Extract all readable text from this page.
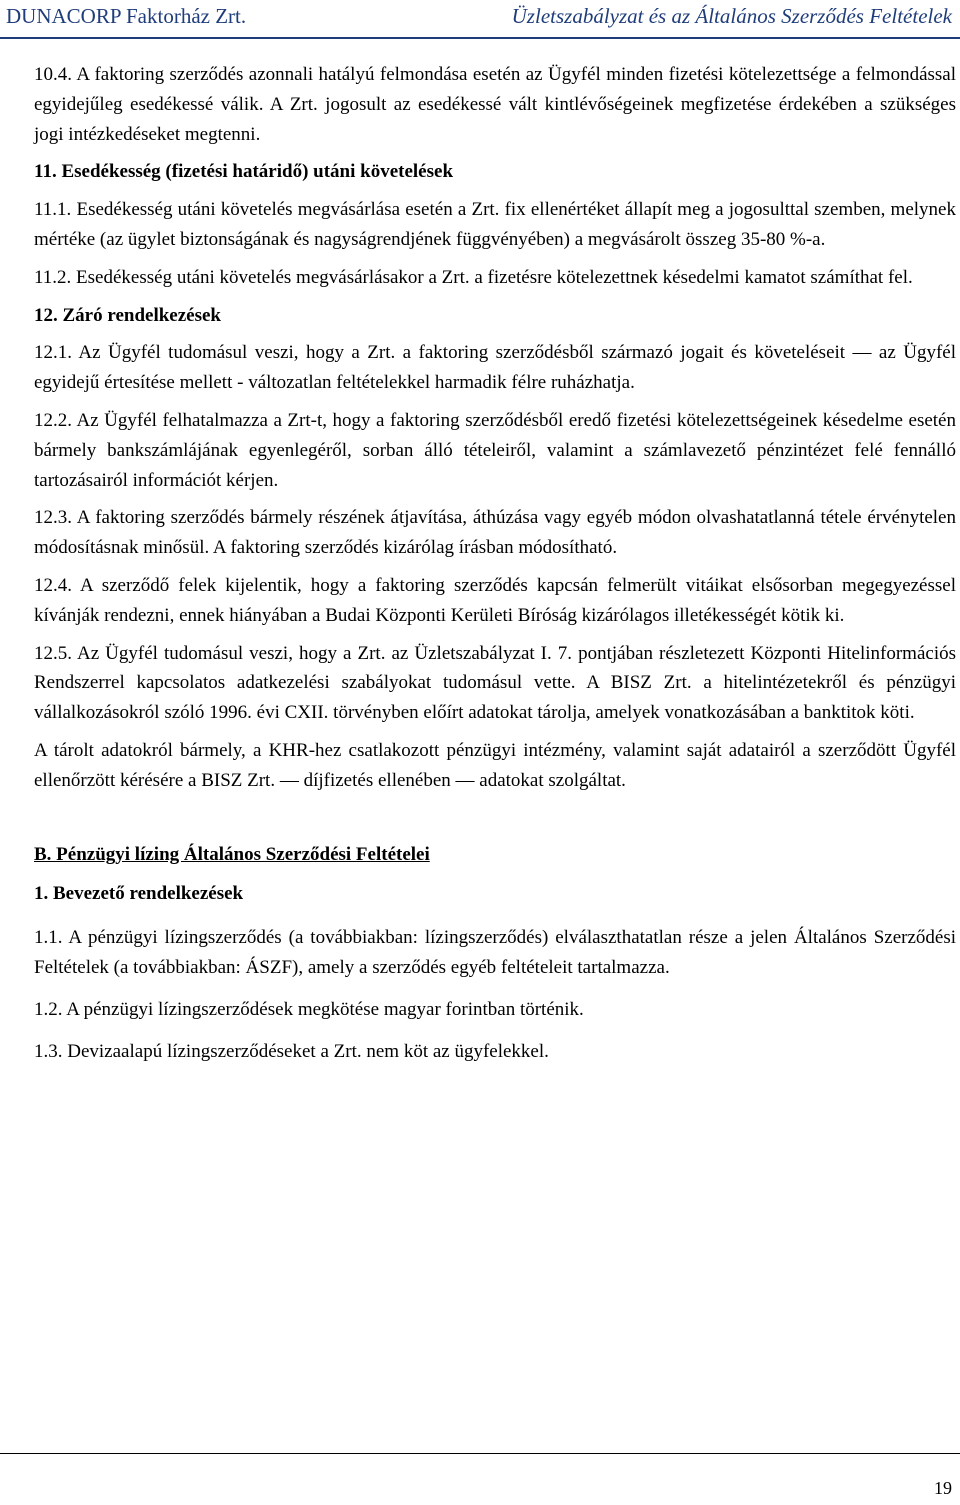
DUNACORP Faktorház Zrt.	Üzletszabályzat és az Általános Szerződés Feltételek

10.4. A faktoring szerződés azonnali hatályú felmondása esetén az Ügyfél minden fizetési kötelezettsége a felmondással egyidejűleg esedékessé válik. A Zrt. jogosult az esedékessé vált kintlévőségeinek megfizetése érdekében a szükséges jogi intézkedéseket megtenni.

11. Esedékesség (fizetési határidő) utáni követelések

11.1. Esedékesség utáni követelés megvásárlása esetén a Zrt. fix ellenértéket állapít meg a jogosulttal szemben, melynek mértéke (az ügylet biztonságának és nagyságrendjének függvényében) a megvásárolt összeg 35-80 %-a.

11.2. Esedékesség utáni követelés megvásárlásakor a Zrt. a fizetésre kötelezettnek késedelmi kamatot számíthat fel.

12. Záró rendelkezések

12.1. Az Ügyfél tudomásul veszi, hogy a Zrt. a faktoring szerződésből származó jogait és követeléseit — az Ügyfél egyidejű értesítése mellett - változatlan feltételekkel harmadik félre ruházhatja.

12.2. Az Ügyfél felhatalmazza a Zrt-t, hogy a faktoring szerződésből eredő fizetési kötelezettségeinek késedelme esetén bármely bankszámlájának egyenlegéről, sorban álló tételeiről, valamint a számlavezető pénzintézet felé fennálló tartozásairól információt kérjen.

12.3. A faktoring szerződés bármely részének átjavítása, áthúzása vagy egyéb módon olvashatatlanná tétele érvénytelen módosításnak minősül. A faktoring szerződés kizárólag írásban módosítható.

12.4. A szerződő felek kijelentik, hogy a faktoring szerződés kapcsán felmerült vitáikat elsősorban megegyezéssel kívánják rendezni, ennek hiányában a Budai Központi Kerületi Bíróság kizárólagos illetékességét kötik ki.

12.5. Az Ügyfél tudomásul veszi, hogy a Zrt. az Üzletszabályzat I. 7. pontjában részletezett Központi Hitelinformációs Rendszerrel kapcsolatos adatkezelési szabályokat tudomásul vette. A BISZ Zrt. a hitelintézetekről és pénzügyi vállalkozásokról szóló 1996. évi CXII. törvényben előírt adatokat tárolja, amelyek vonatkozásában a banktitok köti.

A tárolt adatokról bármely, a KHR-hez csatlakozott pénzügyi intézmény, valamint saját adatairól a szerződött Ügyfél ellenőrzött kérésére a BISZ Zrt. — díjfizetés ellenében — adatokat szolgáltat.

B. Pénzügyi lízing Általános Szerződési Feltételei

1. Bevezető rendelkezések

1.1. A pénzügyi lízingszerződés (a továbbiakban: lízingszerződés) elválaszthatatlan része a jelen Általános Szerződési Feltételek (a továbbiakban: ÁSZF), amely a szerződés egyéb feltételeit tartalmazza.

1.2. A pénzügyi lízingszerződések megkötése magyar forintban történik.

1.3. Devizaalapú lízingszerződéseket a Zrt. nem köt az ügyfelekkel.

19
